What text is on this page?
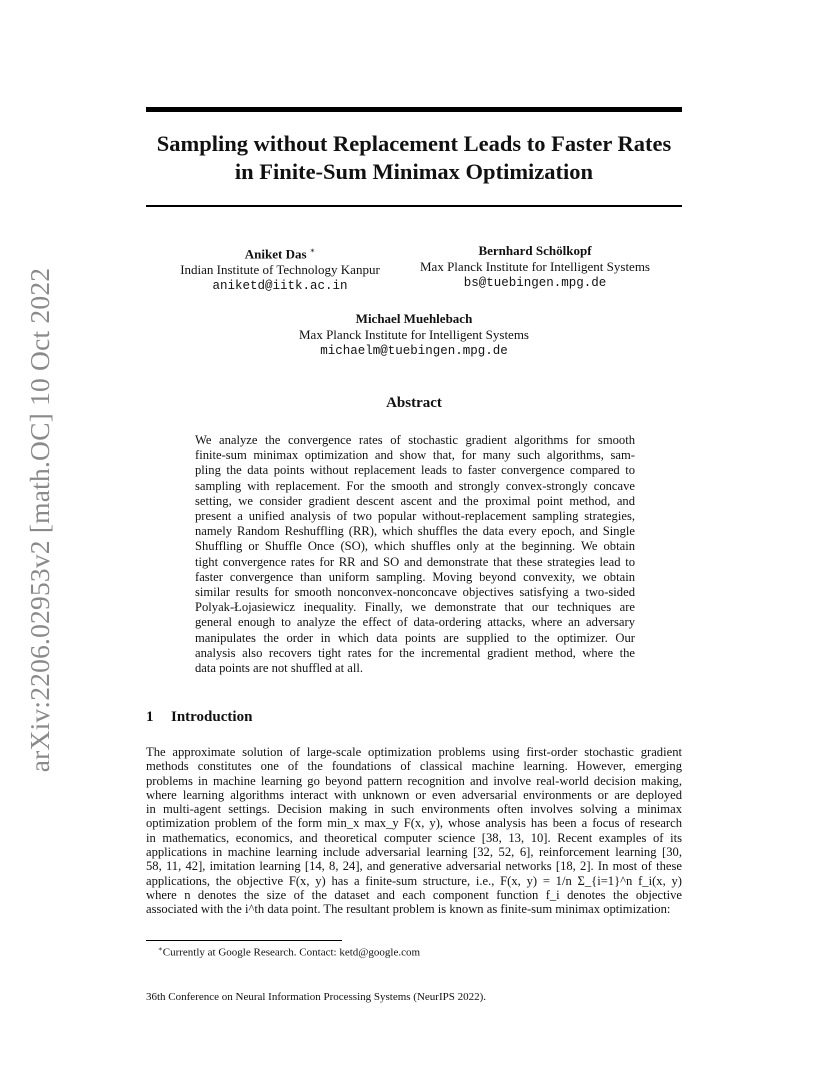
arXiv:2206.02953v2 [math.OC] 10 Oct 2022
Sampling without Replacement Leads to Faster Rates
in Finite-Sum Minimax Optimization
Aniket Das ∗
Indian Institute of Technology Kanpur
aniketd@iitk.ac.in
Bernhard Schölkopf
Max Planck Institute for Intelligent Systems
bs@tuebingen.mpg.de
Michael Muehlebach
Max Planck Institute for Intelligent Systems
michaelm@tuebingen.mpg.de
Abstract
We analyze the convergence rates of stochastic gradient algorithms for smooth
finite-sum minimax optimization and show that, for many such algorithms, sam-
pling the data points without replacement leads to faster convergence compared to
sampling with replacement. For the smooth and strongly convex-strongly concave
setting, we consider gradient descent ascent and the proximal point method, and
present a unified analysis of two popular without-replacement sampling strategies,
namely Random Reshuffling (RR), which shuffles the data every epoch, and Single
Shuffling or Shuffle Once (SO), which shuffles only at the beginning. We obtain
tight convergence rates for RR and SO and demonstrate that these strategies lead to
faster convergence than uniform sampling. Moving beyond convexity, we obtain
similar results for smooth nonconvex-nonconcave objectives satisfying a two-sided
Polyak-Łojasiewicz inequality. Finally, we demonstrate that our techniques are
general enough to analyze the effect of data-ordering attacks, where an adversary
manipulates the order in which data points are supplied to the optimizer. Our
analysis also recovers tight rates for the incremental gradient method, where the
data points are not shuffled at all.
1 Introduction
The approximate solution of large-scale optimization problems using first-order stochastic gradient
methods constitutes one of the foundations of classical machine learning. However, emerging
problems in machine learning go beyond pattern recognition and involve real-world decision making,
where learning algorithms interact with unknown or even adversarial environments or are deployed
in multi-agent settings. Decision making in such environments often involves solving a minimax
optimization problem of the form min_x max_y F(x, y), whose analysis has been a focus of research
in mathematics, economics, and theoretical computer science [38, 13, 10]. Recent examples of its
applications in machine learning include adversarial learning [32, 52, 6], reinforcement learning [30,
58, 11, 42], imitation learning [14, 8, 24], and generative adversarial networks [18, 2]. In most of these
applications, the objective F(x, y) has a finite-sum structure, i.e., F(x, y) = 1/n Σ_{i=1}^n f_i(x, y)
where n denotes the size of the dataset and each component function f_i denotes the objective
associated with the i^th data point. The resultant problem is known as finite-sum minimax optimization:
∗Currently at Google Research. Contact: ketd@google.com
36th Conference on Neural Information Processing Systems (NeurIPS 2022).
